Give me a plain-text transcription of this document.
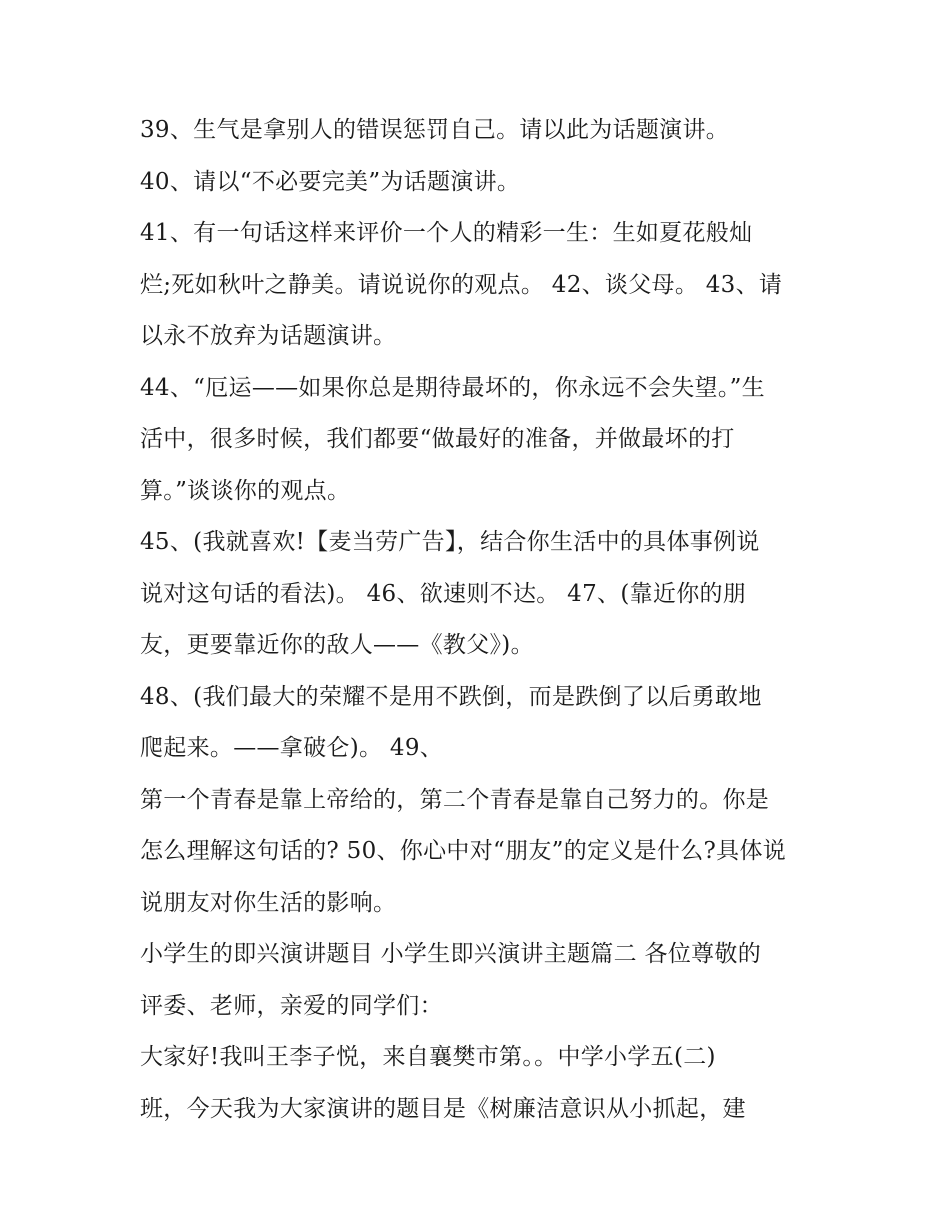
39、生气是拿别人的错误惩罚自己。请以此为话题演讲。
40、请以“不必要完美”为话题演讲。
41、有一句话这样来评价一个人的精彩一生：生如夏花般灿
烂;死如秋叶之静美。请说说你的观点。 42、谈父母。 43、请
以永不放弃为话题演讲。
44、“厄运——如果你总是期待最坏的，你永远不会失望。”生
活中，很多时候，我们都要“做最好的准备，并做最坏的打
算。”谈谈你的观点。
45、(我就喜欢!【麦当劳广告】，结合你生活中的具体事例说
说对这句话的看法)。 46、欲速则不达。 47、(靠近你的朋
友，更要靠近你的敌人——《教父》)。
48、(我们最大的荣耀不是用不跌倒，而是跌倒了以后勇敢地
爬起来。——拿破仑)。 49、
第一个青春是靠上帝给的，第二个青春是靠自己努力的。你是
怎么理解这句话的? 50、你心中对“朋友”的定义是什么?具体说
说朋友对你生活的影响。
小学生的即兴演讲题目 小学生即兴演讲主题篇二 各位尊敬的
评委、老师，亲爱的同学们：
大家好!我叫王李子悦，来自襄樊市第。。中学小学五(二)
班，今天我为大家演讲的题目是《树廉洁意识从小抓起，建
